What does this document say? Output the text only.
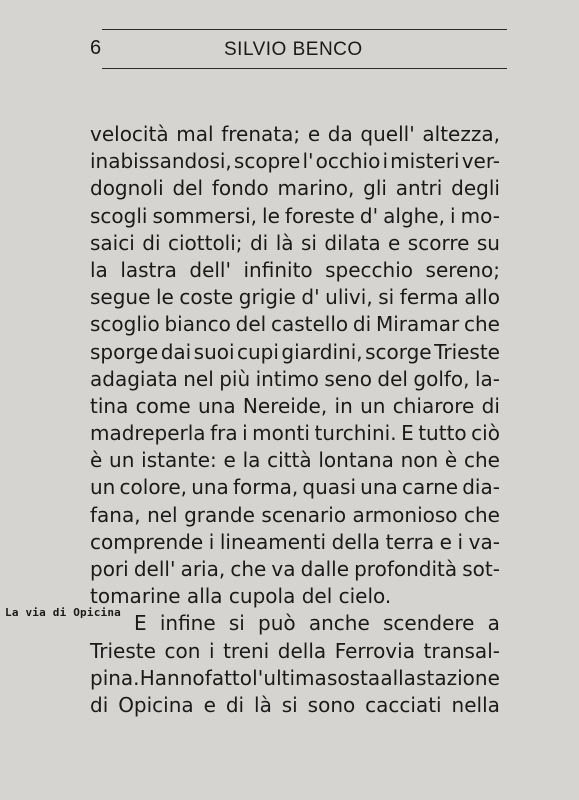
6	SILVIO BENCO
La via di Opicina
velocità mal frenata; e da quell' altezza,
inabissandosi, scopre l' occhio i misteri ver-
dognoli del fondo marino, gli antri degli
scogli sommersi, le foreste d' alghe, i mo-
saici di ciottoli; di là si dilata e scorre su
la lastra dell' infinito specchio sereno;
segue le coste grigie d' ulivi, si ferma allo
scoglio bianco del castello di Miramar che
sporge dai suoi cupi giardini, scorge Trieste
adagiata nel più intimo seno del golfo, la-
tina come una Nereide, in un chiarore di
madreperla fra i monti turchini. E tutto ciò
è un istante: e la città lontana non è che
un colore, una forma, quasi una carne dia-
fana, nel grande scenario armonioso che
comprende i lineamenti della terra e i va-
pori dell' aria, che va dalle profondità sot-
tomarine alla cupola del cielo.
E infine si può anche scendere a
Trieste con i treni della Ferrovia transal-
pina. Hanno fatto l' ultima sosta alla stazione
di Opicina e di là si sono cacciati nella
